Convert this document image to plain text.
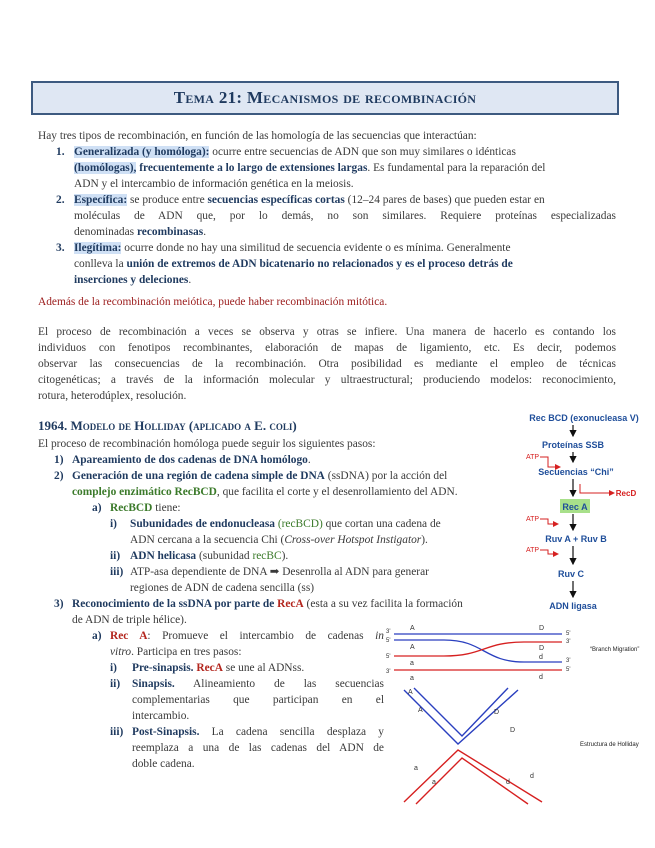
Tema 21: Mecanismos de recombinación
Hay tres tipos de recombinación, en función de las homología de las secuencias que interactúan:
1. Generalizada (y homóloga): ocurre entre secuencias de ADN que son muy similares o idénticas
(homólogas), frecuentemente a lo largo de extensiones largas. Es fundamental para la reparación del
ADN y el intercambio de información genética en la meiosis.
2. Específica: se produce entre secuencias específicas cortas (12–24 pares de bases) que pueden estar en
moléculas de ADN que, por lo demás, no son similares. Requiere proteínas especializadas
denominadas recombinasas.
3. Ilegítima: ocurre donde no hay una similitud de secuencia evidente o es mínima. Generalmente
conlleva la unión de extremos de ADN bicatenario no relacionados y es el proceso detrás de
inserciones y deleciones.
Además de la recombinación meiótica, puede haber recombinación mitótica.
El proceso de recombinación a veces se observa y otras se infiere. Una manera de hacerlo es contando los
individuos con fenotipos recombinantes, elaboración de mapas de ligamiento, etc. Es decir, podemos
observar las consecuencias de la recombinación. Otra posibilidad es mediante el empleo de técnicas
citogenéticas; a través de la información molecular y ultraestructural; produciendo modelos: reconocimiento,
rotura, heterodúplex, resolución.
1964. Modelo de Holliday (aplicado a E. coli)
El proceso de recombinación homóloga puede seguir los siguientes pasos:
1) Apareamiento de dos cadenas de DNA homólogo.
2) Generación de una región de cadena simple de DNA (ssDNA) por la acción del
complejo enzimático RecBCD, que facilita el corte y el desenrollamiento del ADN.
a) RecBCD tiene:
i) Subunidades de endonucleasa (recBCD) que cortan una cadena de
ADN cercana a la secuencia Chi (Cross-over Hotspot Instigator).
ii) ADN helicasa (subunidad recBC).
iii) ATP-asa dependiente de DNA ➡ Desenrolla al ADN para generar
regiones de ADN de cadena sencilla (ss)
3) Reconocimiento de la ssDNA por parte de RecA (esta a su vez facilita la formación
de ADN de triple hélice).
a) Rec A: Promueve el intercambio de cadenas in
vitro. Participa en tres pasos:
i) Pre-sinapsis. RecA se une al ADNss.
ii) Sinapsis. Alineamiento de las secuencias
complementarias que participan en el
intercambio.
iii) Post-Sinapsis. La cadena sencilla desplaza y
reemplaza a una de las cadenas del ADN de
doble cadena.
Rec BCD (exonucleasa V)
Proteínas SSB
ATP
Secuencias “Chi”
RecD
Rec A
ATP
Ruv A + Ruv B
ATP
Ruv C
ADN ligasa
3'
5'
5'
3'
5'
3'
3'
5'
A
A
a
a
D
D
d
d
“Branch Migration”
A
A	D
D
a
a	d
d
Estructura de Holliday
